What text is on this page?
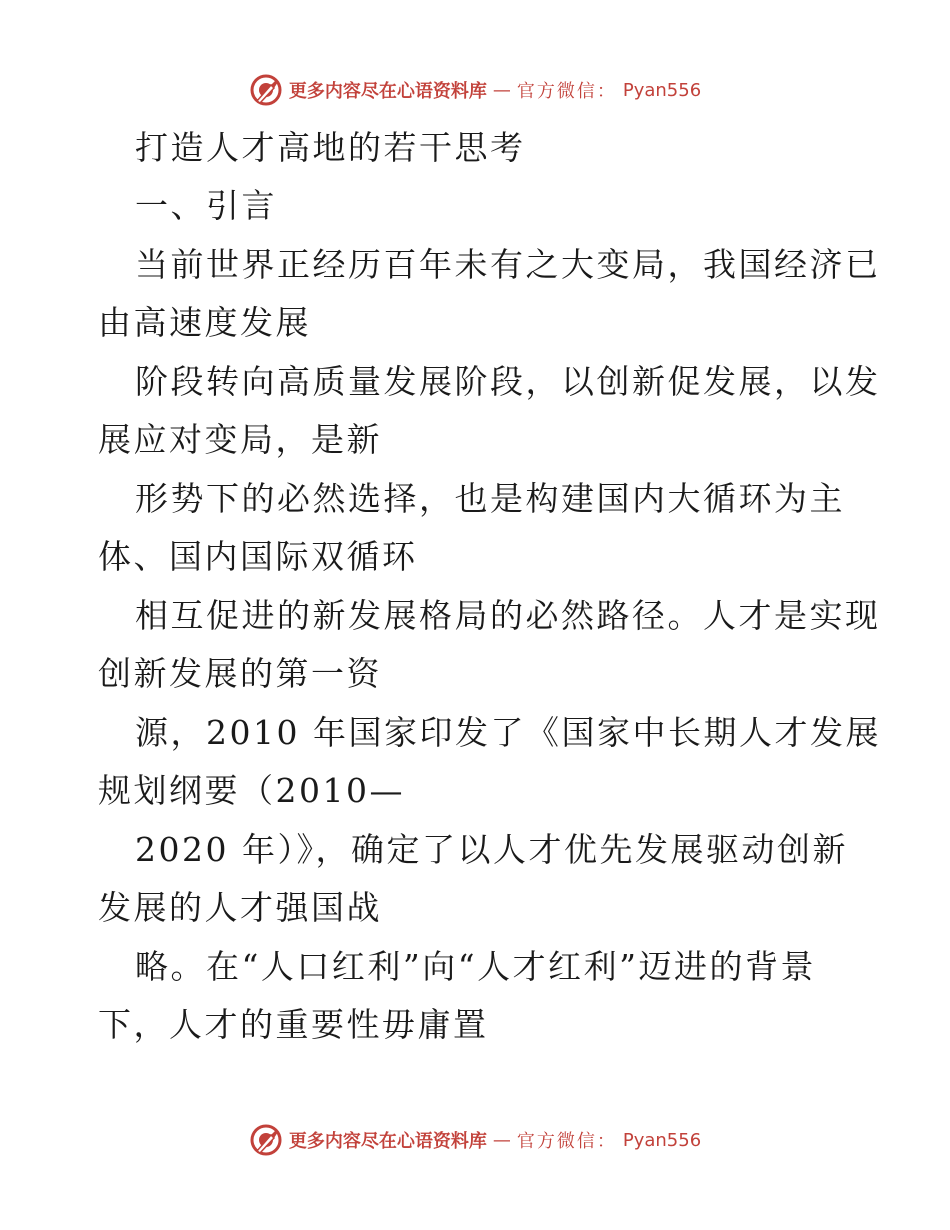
更多内容尽在心语资料库 — 官方微信： Pyan556
打造人才高地的若干思考
一、引言
当前世界正经历百年未有之大变局，我国经济已
由高速度发展
阶段转向高质量发展阶段，以创新促发展，以发
展应对变局，是新
形势下的必然选择，也是构建国内大循环为主
体、国内国际双循环
相互促进的新发展格局的必然路径。人才是实现
创新发展的第一资
源，2010 年国家印发了《国家中长期人才发展
规划纲要（2010—
2020 年）》，确定了以人才优先发展驱动创新
发展的人才强国战
略。在“人口红利”向“人才红利”迈进的背景
下，人才的重要性毋庸置
更多内容尽在心语资料库 — 官方微信： Pyan556
